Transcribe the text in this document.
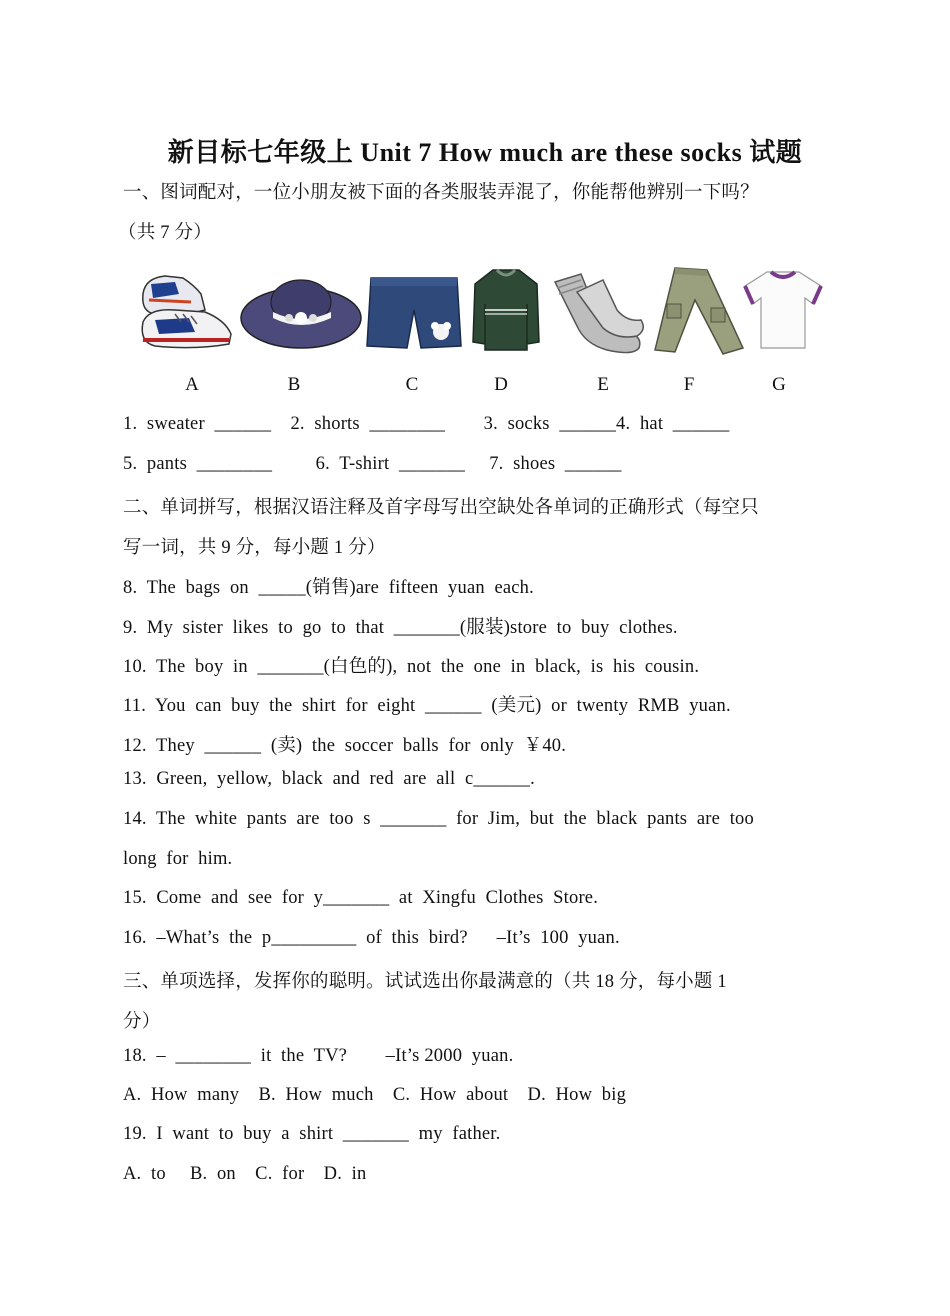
新目标七年级上 Unit 7 How much are these socks 试题
一、图词配对，一位小朋友被下面的各类服装弄混了，你能帮他辨别一下吗？
（共 7 分）
A	B	C	D	E	F	G
1.  sweater  ______    2.  shorts  ________        3.  socks  ______4.  hat  ______
5.  pants  ________         6.  T-shirt  _______     7.  shoes  ______
二、单词拼写，根据汉语注释及首字母写出空缺处各单词的正确形式（每空只
写一词，共 9 分，每小题 1 分）
8.  The  bags  on  _____(销售)are  fifteen  yuan  each.
9.  My  sister  likes  to  go  to  that  _______(服装)store  to  buy  clothes.
10.  The  boy  in  _______(白色的),  not  the  one  in  black,  is  his  cousin.
11.  You  can  buy  the  shirt  for  eight  ______  (美元)  or  twenty  RMB  yuan.
12.  They  ______  (卖)  the  soccer  balls  for  only  ￥40.
13.  Green,  yellow,  black  and  red  are  all  c______.
14.  The  white  pants  are  too  s  _______  for  Jim,  but  the  black  pants  are  too
long  for  him.
15.  Come  and  see  for  y_______  at  Xingfu  Clothes  Store.
16.  –What’s  the  p_________  of  this  bird?      –It’s  100  yuan.
三、单项选择，发挥你的聪明。试试选出你最满意的（共 18 分，每小题 1
分）
18.  –  ________  it  the  TV?        –It’s 2000  yuan.
A.  How  many    B.  How  much    C.  How  about    D.  How  big
19.  I  want  to  buy  a  shirt  _______  my  father.
A.  to     B.  on    C.  for    D.  in
